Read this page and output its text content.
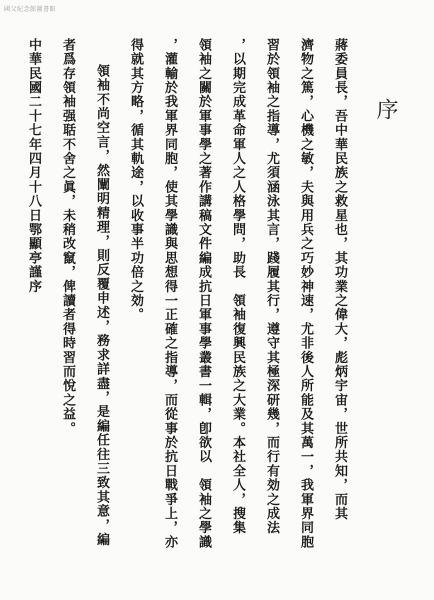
國父紀念館圖書館
序
蔣委員長，吾中華民族之救星也，其功業之偉大，彪炳宇宙，世所共知，而其
濟物之篤，心機之敏，夫與用兵之巧妙神速，尤非後人所能及其萬一，我軍界同胞
習於領袖之指導，尤須涵泳其言，踐履其行，遵守其極深研幾，而行有効之成法
，以期完成革命軍人之人格學問，助長　領袖復興民族之大業。本社全人，搜集
領袖之關於軍事學之著作講稿文件編成抗日軍事學叢書一輯，卽欲以　領袖之學識
，灌輸於我軍界同胞，使其學識與思想得一正確之指導，而從事於抗日戰爭上，亦
得就其方略，循其軌途，以收事半功倍之効。
領袖不尚空言，然闡明精理，則反覆申述，務求詳盡，是編任往三致其意，編
者爲存領袖强聒不舍之眞，未稍改竄，俾讀者得時習而悅之益。
中華民國二十七年四月十八日鄂顯亭謹序
